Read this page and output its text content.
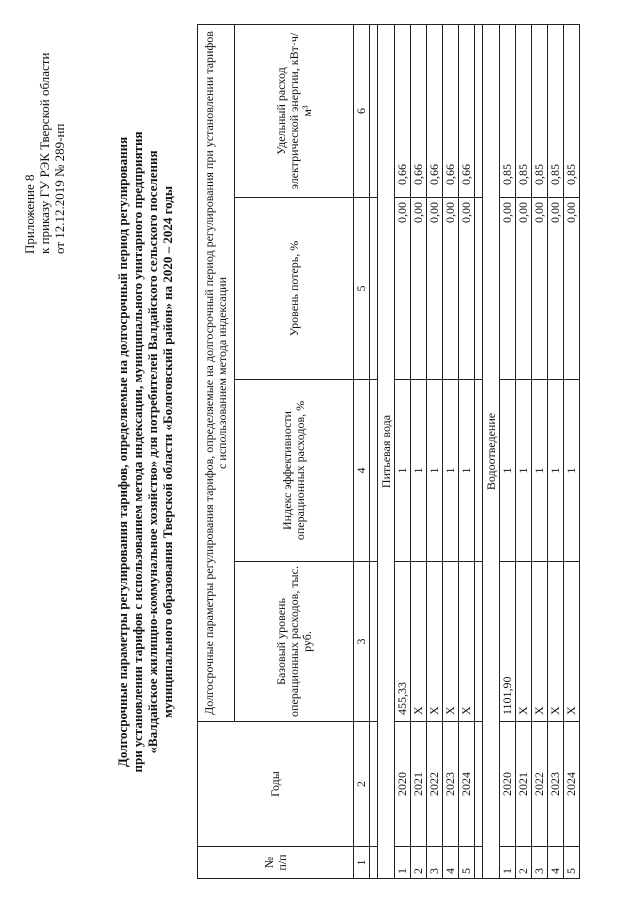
Приложение 8 к приказу ГУ РЭК Тверской области от 12.12.2019 № 289-нп	Долгосрочные параметры регулирования тарифов, определяемые на долгосрочный период регулирования при установлении тарифов с использованием метода индексации, муниципального унитарного предприятия «Валдайское жилищно-коммунальное хозяйство» для потребителей Валдайского сельского поселения муниципального образования Тверской области «Бологовский район» на 2020 – 2024 годы
№ п/п	Годы	Долгосрочные параметры регулирования тарифов, определяемые на долгосрочный период регулирования при установлении тарифов с использованием метода индексации			
		Базовый уровень операционных расходов, тыс. руб.	Индекс эффективности операционных расходов, %	Уровень потерь, %	Удельный расход электрической энергии, кВт·ч/м³
1	2	3	4	5	6

Питьевая вода					
1	2020	455,33	1	0,00	0,66
2	2021	X	1	0,00	0,66
3	2022	X	1	0,00	0,66
4	2023	X	1	0,00	0,66
5	2024	X	1	0,00	0,66

Водоотведение					
1	2020	1101,90	1	0,00	0,85
2	2021	X	1	0,00	0,85
3	2022	X	1	0,00	0,85
4	2023	X	1	0,00	0,85
5	2024	X	1	0,00	0,85
